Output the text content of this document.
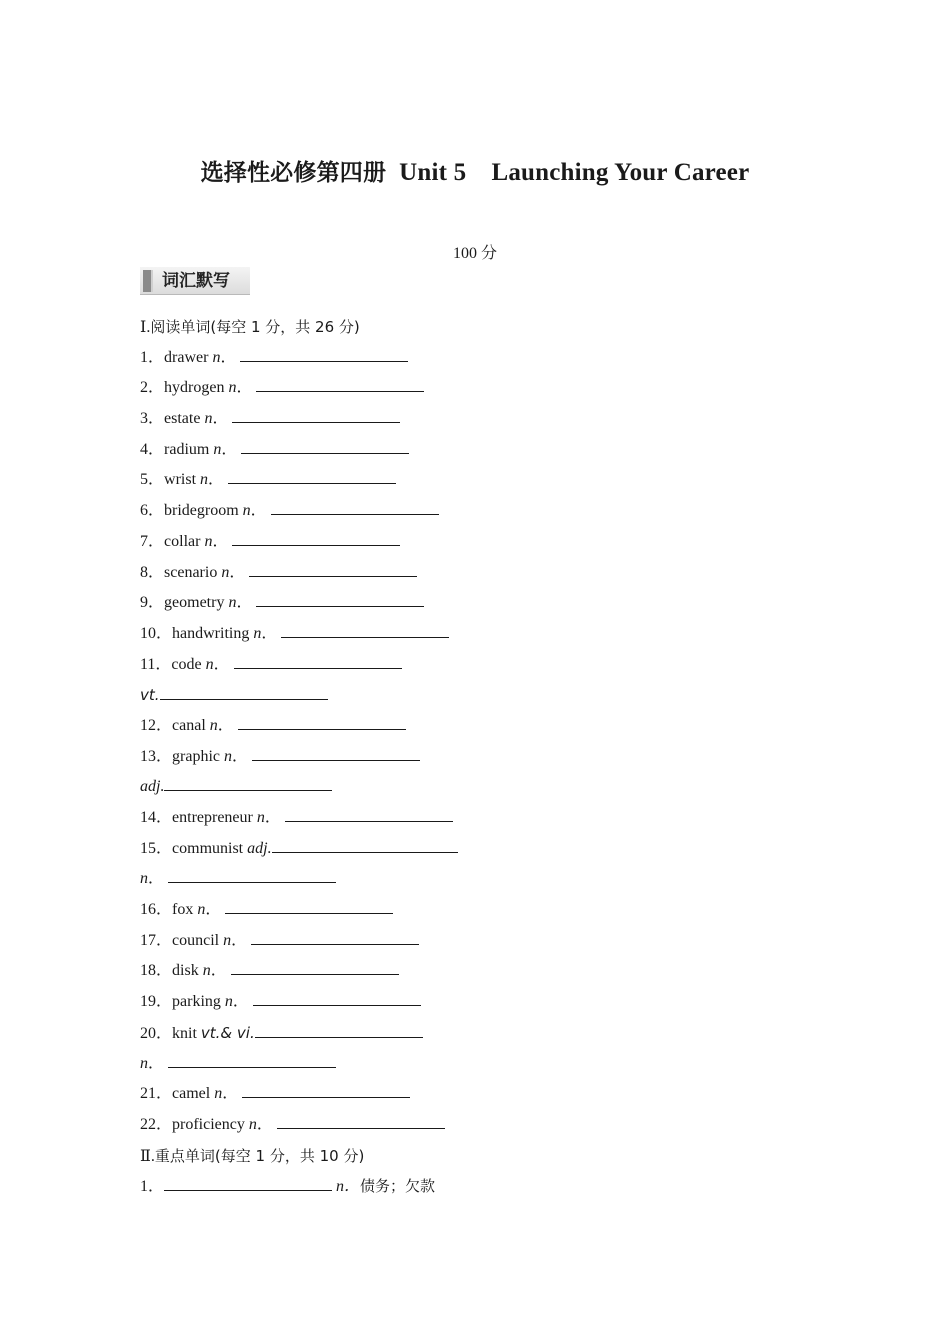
选择性必修第四册 Unit 5　Launching Your Career
100 分
词汇默写
Ⅰ.阅读单词(每空 1 分，共 26 分)
1．drawer n．
2．hydrogen n．
3．estate n．
4．radium n．
5．wrist n．
6．bridegroom n．
7．collar n．
8．scenario n．
9．geometry n．
10．handwriting n．
11．code n．
vt.
12．canal n．
13．graphic n．
adj.
14．entrepreneur n．
15．communist adj.
n．
16．fox n．
17．council n．
18．disk n．
19．parking n．
20．knit vt.& vi.
n．
21．camel n．
22．proficiency n．
Ⅱ.重点单词(每空 1 分，共 10 分)
1．	n．债务；欠款
